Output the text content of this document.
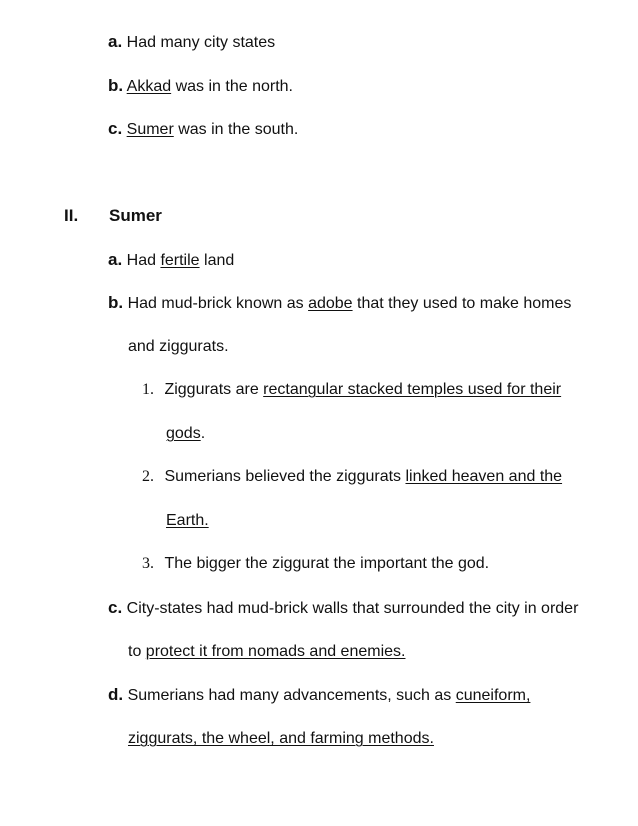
a. Had many city states
b. Akkad was in the north.
c. Sumer was in the south.
II. Sumer
a. Had fertile land
b. Had mud-brick known as adobe that they used to make homes
and ziggurats.
1. Ziggurats are rectangular stacked temples used for their
gods.
2. Sumerians believed the ziggurats linked heaven and the
Earth.
3. The bigger the ziggurat the important the god.
c. City-states had mud-brick walls that surrounded the city in order
to protect it from nomads and enemies.
d. Sumerians had many advancements, such as cuneiform,
ziggurats, the wheel, and farming methods.
